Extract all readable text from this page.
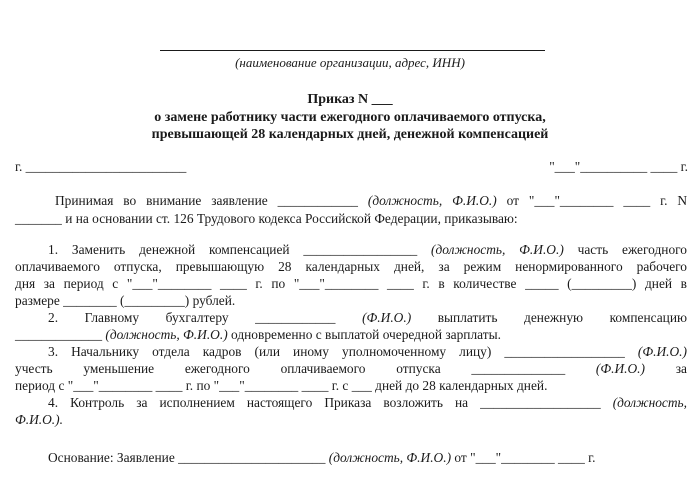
(наименование организации, адрес, ИНН)
Приказ N ___
о замене работнику части ежегодного оплачиваемого отпуска,
превышающей 28 календарных дней, денежной компенсацией
г. ________________________	"___"__________ ____ г.
Принимая во внимание заявление ____________ (должность, Ф.И.О.) от "___"________ ____ г. N
_______ и на основании ст. 126 Трудового кодекса Российской Федерации, приказываю:
1. Заменить денежной компенсацией _________________ (должность, Ф.И.О.) часть ежегодного
оплачиваемого отпуска, превышающую 28 календарных дней, за режим ненормированного рабочего
дня за период с "___"________ ____ г. по "___"________ ____ г. в количестве _____ (_________) дней в
размере ________ (_________) рублей.
2. Главному бухгалтеру ____________ (Ф.И.О.) выплатить денежную компенсацию
_____________ (должность, Ф.И.О.) одновременно с выплатой очередной зарплаты.
3. Начальнику отдела кадров (или иному уполномоченному лицу) __________________ (Ф.И.О.)
учесть уменьшение ежегодного оплачиваемого отпуска ______________ (Ф.И.О.) за
период с "___"________ ____ г. по "___"________ ____ г. с ___ дней до 28 календарных дней.
4. Контроль за исполнением настоящего Приказа возложить на __________________ (должность,
Ф.И.О.).
Основание: Заявление ______________________ (должность, Ф.И.О.) от "___"________ ____ г.
